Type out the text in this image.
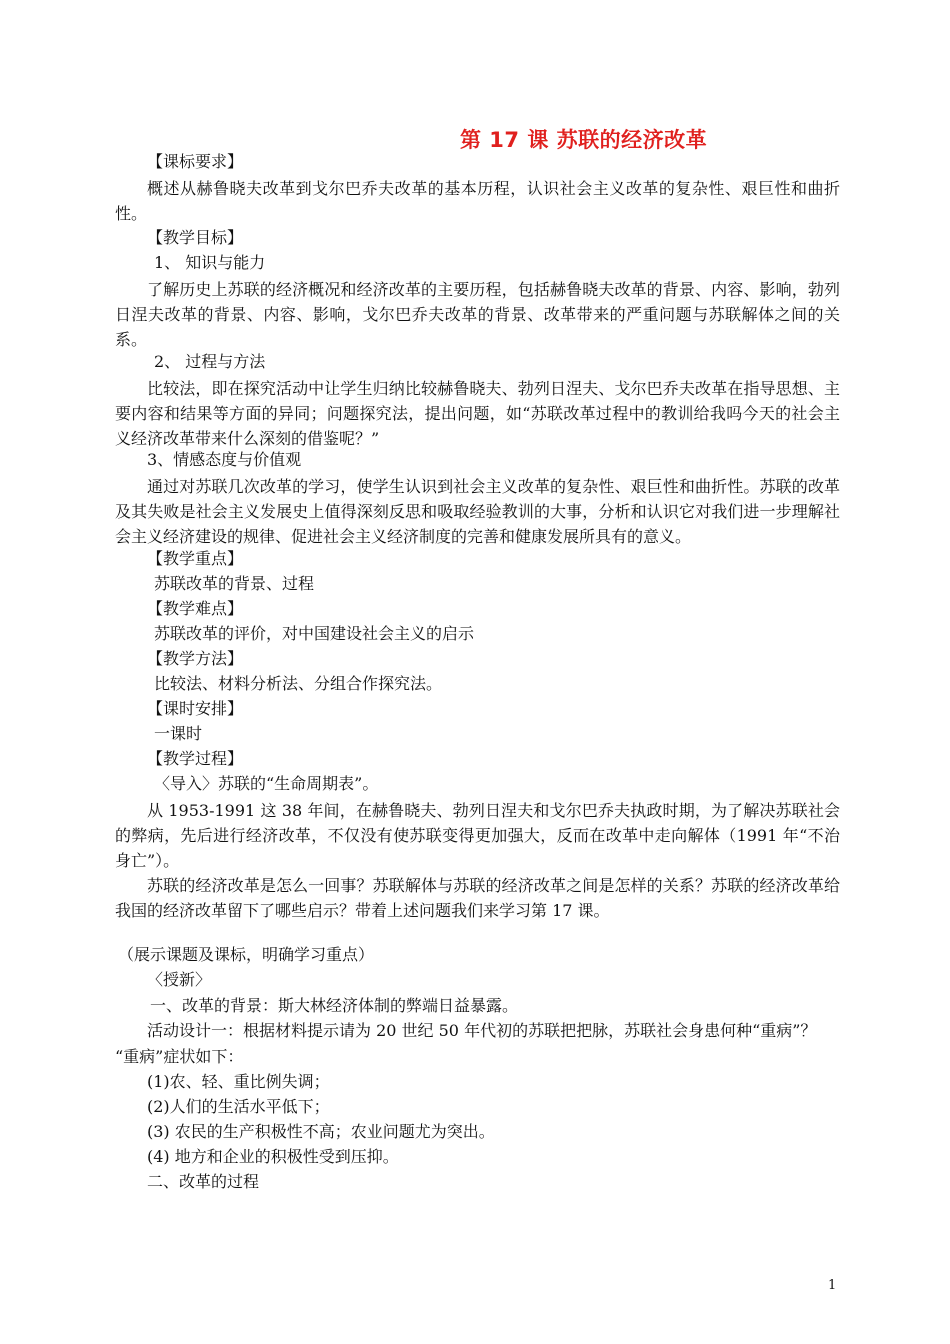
第 17 课 苏联的经济改革
【课标要求】
概述从赫鲁晓夫改革到戈尔巴乔夫改革的基本历程，认识社会主义改革的复杂性、艰巨性和曲折性。
【教学目标】
1、 知识与能力
了解历史上苏联的经济概况和经济改革的主要历程，包括赫鲁晓夫改革的背景、内容、影响，勃列日涅夫改革的背景、内容、影响，戈尔巴乔夫改革的背景、改革带来的严重问题与苏联解体之间的关系。
2、 过程与方法
比较法，即在探究活动中让学生归纳比较赫鲁晓夫、勃列日涅夫、戈尔巴乔夫改革在指导思想、主要内容和结果等方面的异同；问题探究法，提出问题，如“苏联改革过程中的教训给我吗今天的社会主义经济改革带来什么深刻的借鉴呢？”
3、情感态度与价值观
通过对苏联几次改革的学习，使学生认识到社会主义改革的复杂性、艰巨性和曲折性。苏联的改革及其失败是社会主义发展史上值得深刻反思和吸取经验教训的大事，分析和认识它对我们进一步理解社会主义经济建设的规律、促进社会主义经济制度的完善和健康发展所具有的意义。
【教学重点】
苏联改革的背景、过程
【教学难点】
苏联改革的评价，对中国建设社会主义的启示
【教学方法】
比较法、材料分析法、分组合作探究法。
【课时安排】
一课时
【教学过程】
〈导入〉苏联的“生命周期表”。
从 1953-1991 这 38 年间，在赫鲁晓夫、勃列日涅夫和戈尔巴乔夫执政时期，为了解决苏联社会的弊病，先后进行经济改革，不仅没有使苏联变得更加强大，反而在改革中走向解体（1991 年“不治身亡”）。
苏联的经济改革是怎么一回事？苏联解体与苏联的经济改革之间是怎样的关系？苏联的经济改革给我国的经济改革留下了哪些启示？带着上述问题我们来学习第 17 课。
（展示课题及课标，明确学习重点）
〈授新〉
一、改革的背景：斯大林经济体制的弊端日益暴露。
活动设计一：根据材料提示请为 20 世纪 50 年代初的苏联把把脉，苏联社会身患何种“重病”？
“重病”症状如下：
(1)农、轻、重比例失调；
(2)人们的生活水平低下；
(3) 农民的生产积极性不高；农业问题尤为突出。
(4) 地方和企业的积极性受到压抑。
二、改革的过程
1
